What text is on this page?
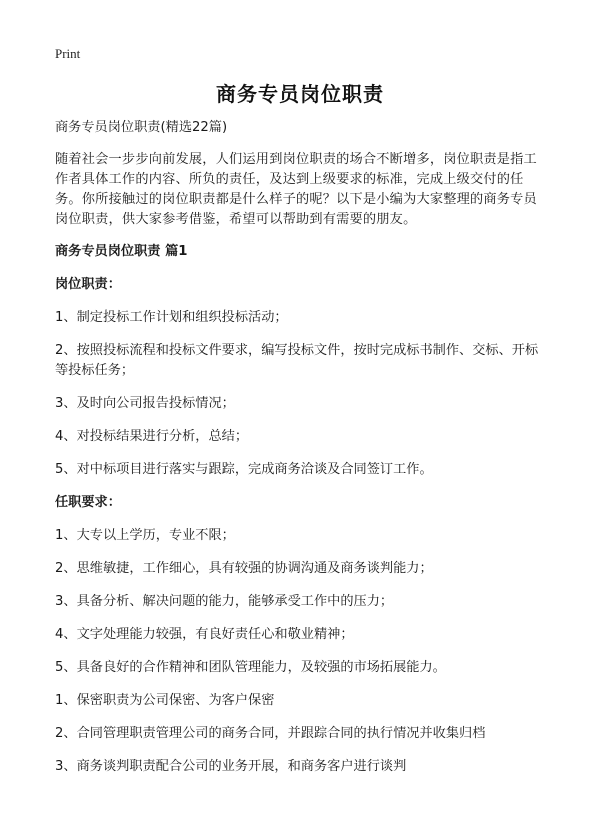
Print
商务专员岗位职责

商务专员岗位职责(精选22篇)

随着社会一步步向前发展，人们运用到岗位职责的场合不断增多，岗位职责是指工作者具体工作的内容、所负的责任，及达到上级要求的标准，完成上级交付的任务。你所接触过的岗位职责都是什么样子的呢？以下是小编为大家整理的商务专员岗位职责，供大家参考借鉴，希望可以帮助到有需要的朋友。

商务专员岗位职责 篇1

岗位职责：

1、制定投标工作计划和组织投标活动；

2、按照投标流程和投标文件要求，编写投标文件，按时完成标书制作、交标、开标等投标任务；

3、及时向公司报告投标情况；

4、对投标结果进行分析，总结；

5、对中标项目进行落实与跟踪，完成商务洽谈及合同签订工作。

任职要求：

1、大专以上学历，专业不限；

2、思维敏捷，工作细心，具有较强的协调沟通及商务谈判能力；

3、具备分析、解决问题的能力，能够承受工作中的压力；

4、文字处理能力较强，有良好责任心和敬业精神；

5、具备良好的合作精神和团队管理能力，及较强的市场拓展能力。

1、保密职责为公司保密、为客户保密

2、合同管理职责管理公司的商务合同，并跟踪合同的执行情况并收集归档

3、商务谈判职责配合公司的业务开展，和商务客户进行谈判
